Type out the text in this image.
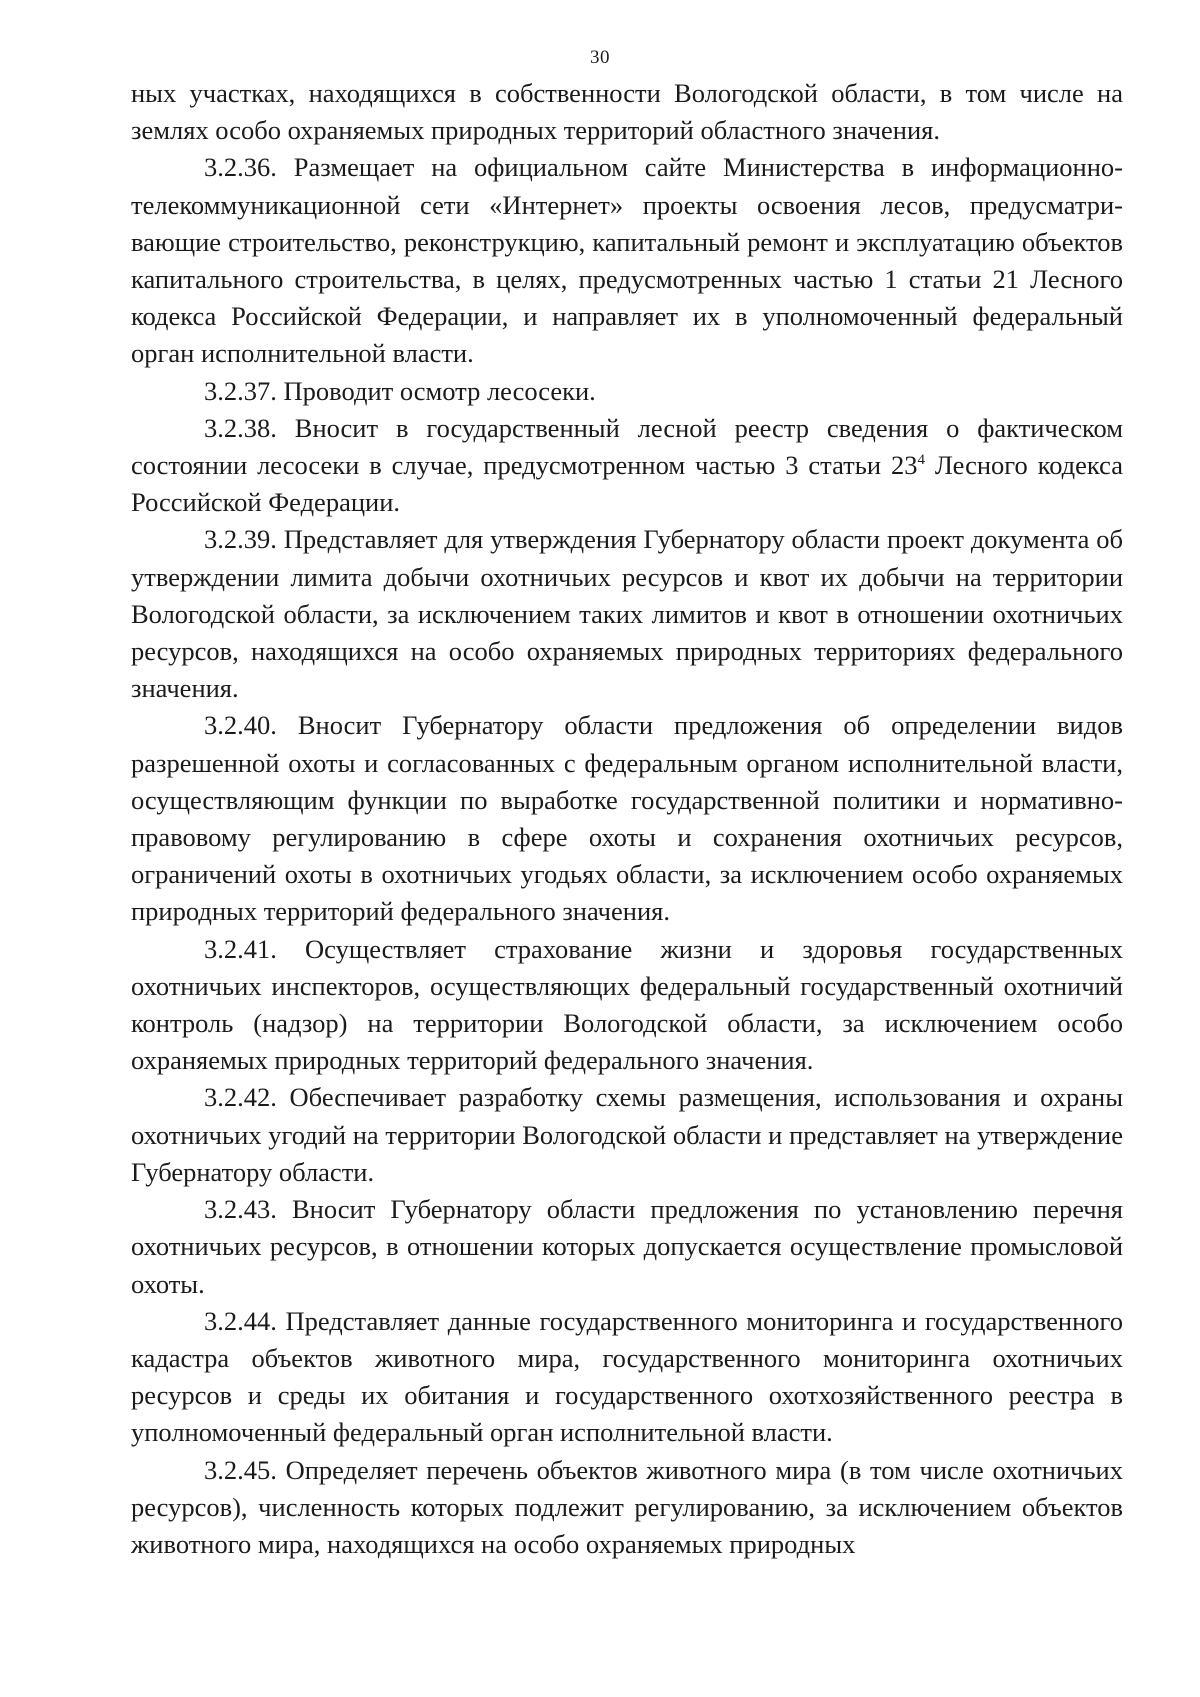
30

ных участках, находящихся в собственности Вологодской области, в том числе на землях особо охраняемых природных территорий областного значения.

3.2.36. Размещает на официальном сайте Министерства в информационно-телекоммуникационной сети «Интернет» проекты освоения лесов, предусматривающие строительство, реконструкцию, капитальный ремонт и эксплуатацию объектов капитального строительства, в целях, предусмотренных частью 1 статьи 21 Лесного кодекса Российской Федерации, и направляет их в уполномоченный федеральный орган исполнительной власти.

3.2.37. Проводит осмотр лесосеки.

3.2.38. Вносит в государственный лесной реестр сведения о фактическом состоянии лесосеки в случае, предусмотренном частью 3 статьи $23^4$ Лесного кодекса Российской Федерации.

3.2.39. Представляет для утверждения Губернатору области проект документа об утверждении лимита добычи охотничьих ресурсов и квот их добычи на территории Вологодской области, за исключением таких лимитов и квот в отношении охотничьих ресурсов, находящихся на особо охраняемых природных территориях федерального значения.

3.2.40. Вносит Губернатору области предложения об определении видов разрешенной охоты и согласованных с федеральным органом исполнительной власти, осуществляющим функции по выработке государственной политики и нормативно-правовому регулированию в сфере охоты и сохранения охотничьих ресурсов, ограничений охоты в охотничьих угодьях области, за исключением особо охраняемых природных территорий федерального значения.

3.2.41. Осуществляет страхование жизни и здоровья государственных охотничьих инспекторов, осуществляющих федеральный государственный охотничий контроль (надзор) на территории Вологодской области, за исключением особо охраняемых природных территорий федерального значения.

3.2.42. Обеспечивает разработку схемы размещения, использования и охраны охотничьих угодий на территории Вологодской области и представляет на утверждение Губернатору области.

3.2.43. Вносит Губернатору области предложения по установлению перечня охотничьих ресурсов, в отношении которых допускается осуществление промысловой охоты.

3.2.44. Представляет данные государственного мониторинга и государственного кадастра объектов животного мира, государственного мониторинга охотничьих ресурсов и среды их обитания и государственного охотхозяйственного реестра в уполномоченный федеральный орган исполнительной власти.

3.2.45. Определяет перечень объектов животного мира (в том числе охотничьих ресурсов), численность которых подлежит регулированию, за исключением объектов животного мира, находящихся на особо охраняемых природных
